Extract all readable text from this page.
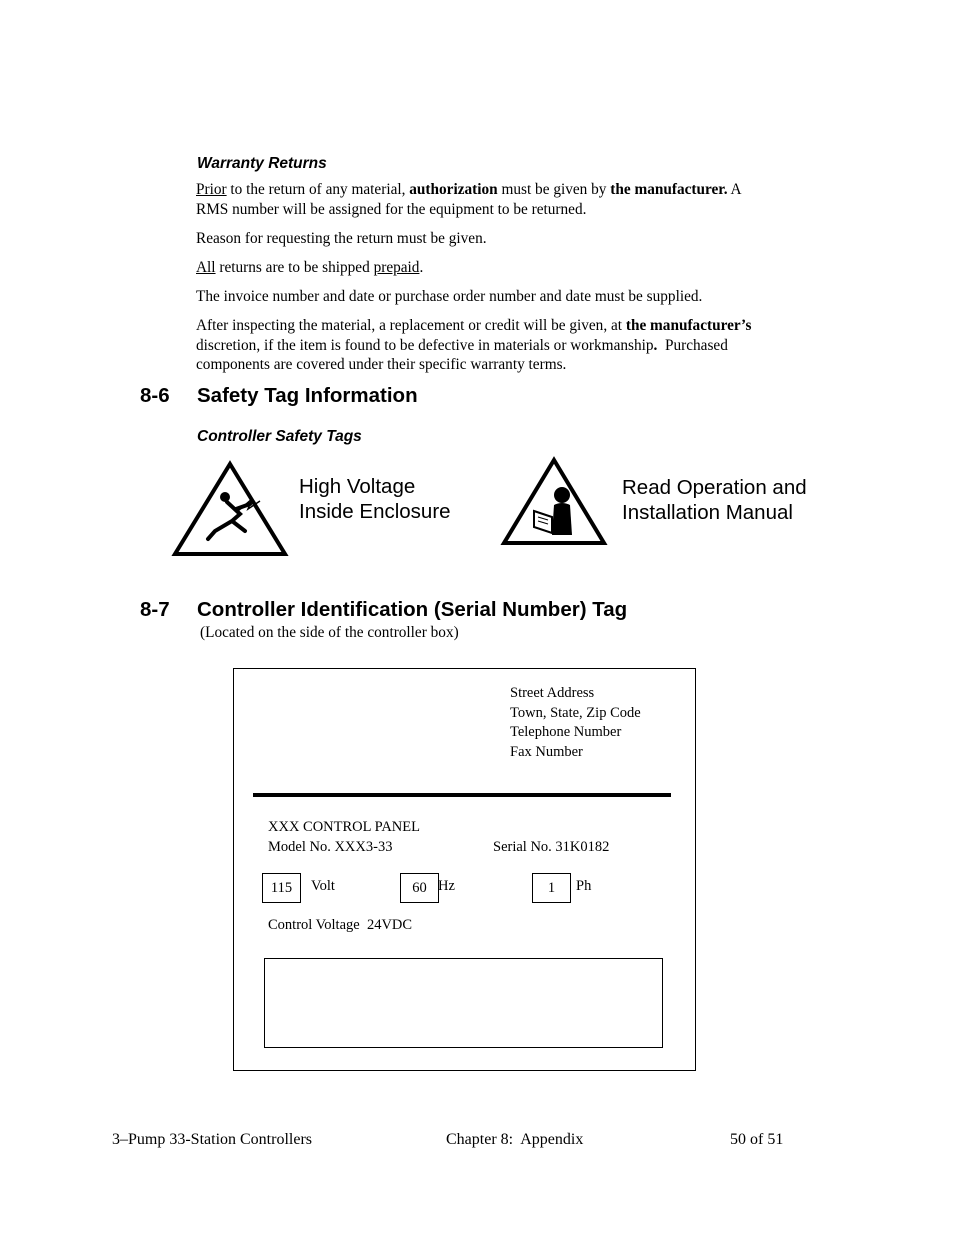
Warranty Returns
Prior to the return of any material, authorization must be given by the manufacturer. A
RMS number will be assigned for the equipment to be returned.
Reason for requesting the return must be given.
All returns are to be shipped prepaid.
The invoice number and date or purchase order number and date must be supplied.
After inspecting the material, a replacement or credit will be given, at the manufacturer’s
discretion, if the item is found to be defective in materials or workmanship.  Purchased
components are covered under their specific warranty terms.
8-6 Safety Tag Information
Controller Safety Tags
High Voltage
Inside Enclosure
Read Operation and
Installation Manual
8-7 Controller Identification (Serial Number) Tag
(Located on the side of the controller box)
Street Address
Town, State, Zip Code
Telephone Number
Fax Number
XXX CONTROL PANEL
Model No. XXX3-33	Serial No. 31K0182
115	Volt	60 Hz	1	Ph
Control Voltage  24VDC
3–Pump 33-Station Controllers	Chapter 8:  Appendix	50 of 51
